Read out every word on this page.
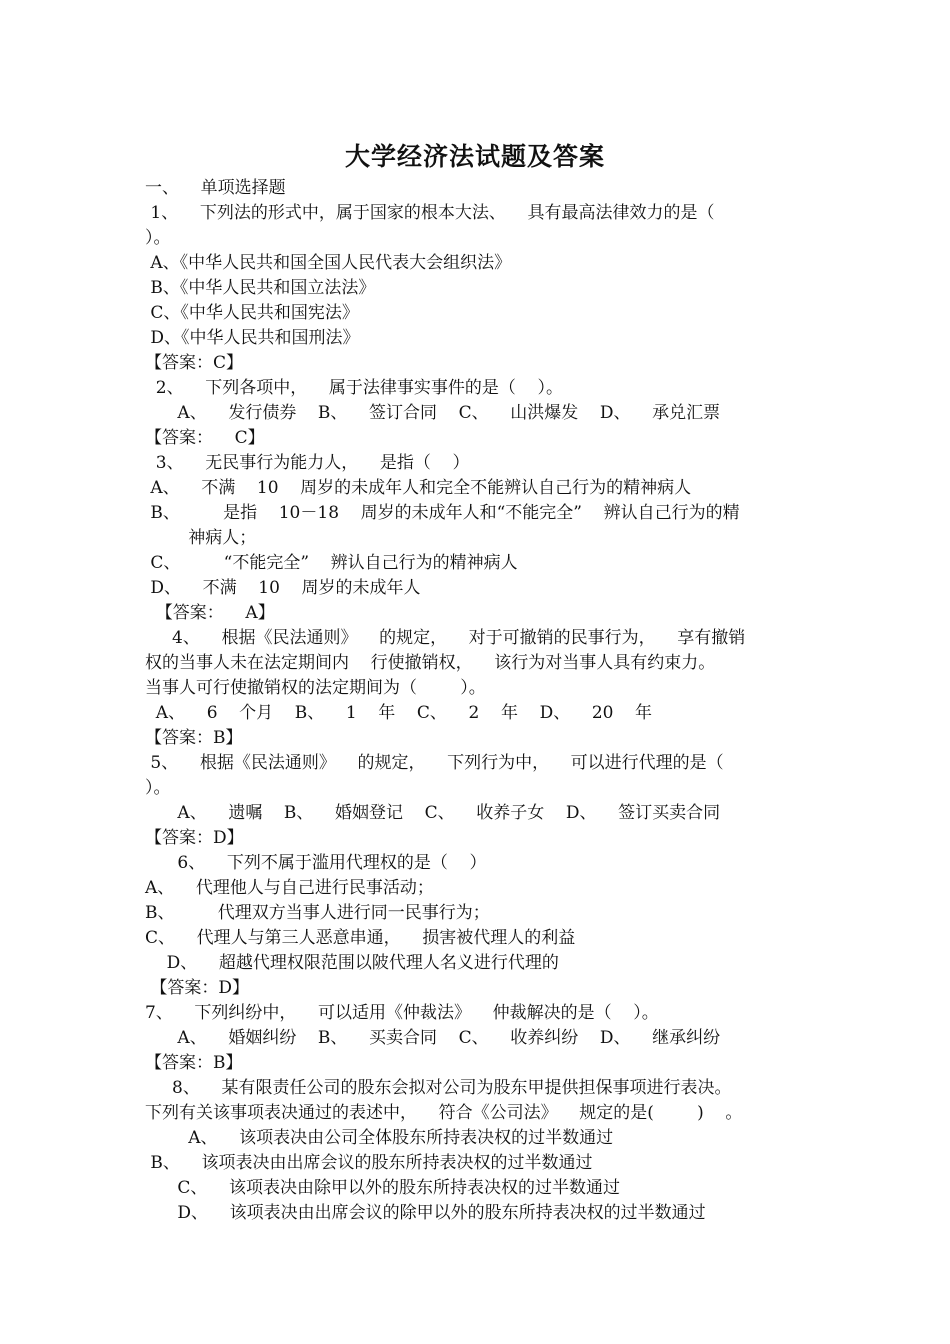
大学经济法试题及答案
一、    单项选择题
1、    下列法的形式中，属于国家的根本大法、    具有最高法律效力的是（
）。
A、《中华人民共和国全国人民代表大会组织法》
B、《中华人民共和国立法法》
C、《中华人民共和国宪法》
D、《中华人民共和国刑法》
【答案：C】
2、    下列各项中，    属于法律事实事件的是（    ）。
A、    发行债券    B、    签订合同    C、    山洪爆发    D、    承兑汇票
【答案：    C】
3、    无民事行为能力人，    是指（    ）
A、    不满    10    周岁的未成年人和完全不能辨认自己行为的精神病人
B、        是指    10－18    周岁的未成年人和“不能完全”    辨认自己行为的精
神病人；
C、        “不能完全”    辨认自己行为的精神病人
D、    不满    10    周岁的未成年人
【答案：    A】
4、    根据《民法通则》    的规定，    对于可撤销的民事行为，    享有撤销
权的当事人未在法定期间内    行使撤销权，    该行为对当事人具有约束力。
当事人可行使撤销权的法定期间为（        ）。
A、    6    个月    B、    1    年    C、    2    年    D、    20    年
【答案：B】
5、    根据《民法通则》    的规定，    下列行为中，    可以进行代理的是（
）。
A、    遗嘱    B、    婚姻登记    C、    收养子女    D、    签订买卖合同
【答案：D】
6、    下列不属于滥用代理权的是（    ）
A、    代理他人与自己进行民事活动；
B、        代理双方当事人进行同一民事行为；
C、    代理人与第三人恶意串通，    损害被代理人的利益
D、    超越代理权限范围以陂代理人名义进行代理的
【答案：D】
7、    下列纠纷中，    可以适用《仲裁法》    仲裁解决的是（    ）。
A、    婚姻纠纷    B、    买卖合同    C、    收养纠纷    D、    继承纠纷
【答案：B】
8、    某有限责任公司的股东会拟对公司为股东甲提供担保事项进行表决。
下列有关该事项表决通过的表述中，    符合《公司法》    规定的是(        )    。
A、    该项表决由公司全体股东所持表决权的过半数通过
B、    该项表决由出席会议的股东所持表决权的过半数通过
C、    该项表决由除甲以外的股东所持表决权的过半数通过
D、    该项表决由出席会议的除甲以外的股东所持表决权的过半数通过
